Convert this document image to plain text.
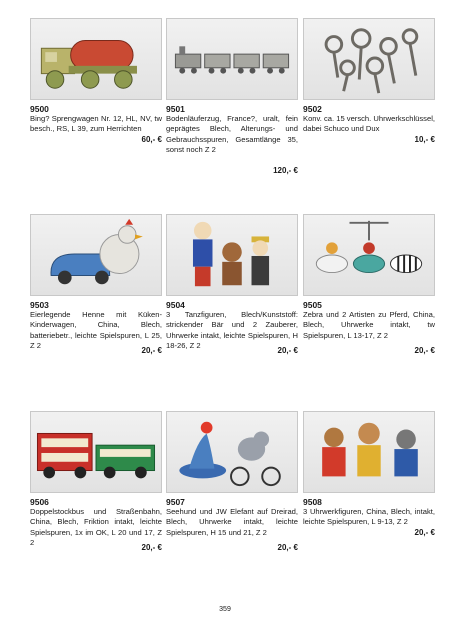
9500
Bing? Sprengwagen Nr. 12, HL, NV, tw besch., RS, L 39, zum Herrichten
60,- €
9501
Bodenläuferzug, France?, uralt, fein geprägtes Blech, Alterungs- und Gebrauchsspuren, Gesamtlänge 35, sonst noch Z 2
120,- €
9502
Konv. ca. 15 versch. Uhrwerkschlüssel, dabei Schuco und Dux
10,- €
9503
Eierlegende Henne mit Küken-Kinderwagen, China, Blech, batteriebetr., leichte Spielspuren, L 25, Z 2
20,- €
9504
3 Tanzfiguren, Blech/Kunststoff: strickender Bär und 2 Zauberer, Uhrwerke intakt, leichte Spielspuren, H 18-26, Z 2
20,- €
9505
Zebra und 2 Artisten zu Pferd, China, Blech, Uhrwerke intakt, tw Spielspuren, L 13-17, Z 2
20,- €
9506
Doppelstockbus und Straßenbahn, China, Blech, Friktion intakt, leichte Spielspuren, 1x im OK, L 20 und 17, Z 2
20,- €
9507
Seehund und JW Elefant auf Dreirad, Blech, Uhrwerke intakt, leichte Spielspuren, H 15 und 21, Z 2
20,- €
9508
3 Uhrwerkfiguren, China, Blech, intakt, leichte Spielspuren, L 9-13, Z 2
20,- €
359
